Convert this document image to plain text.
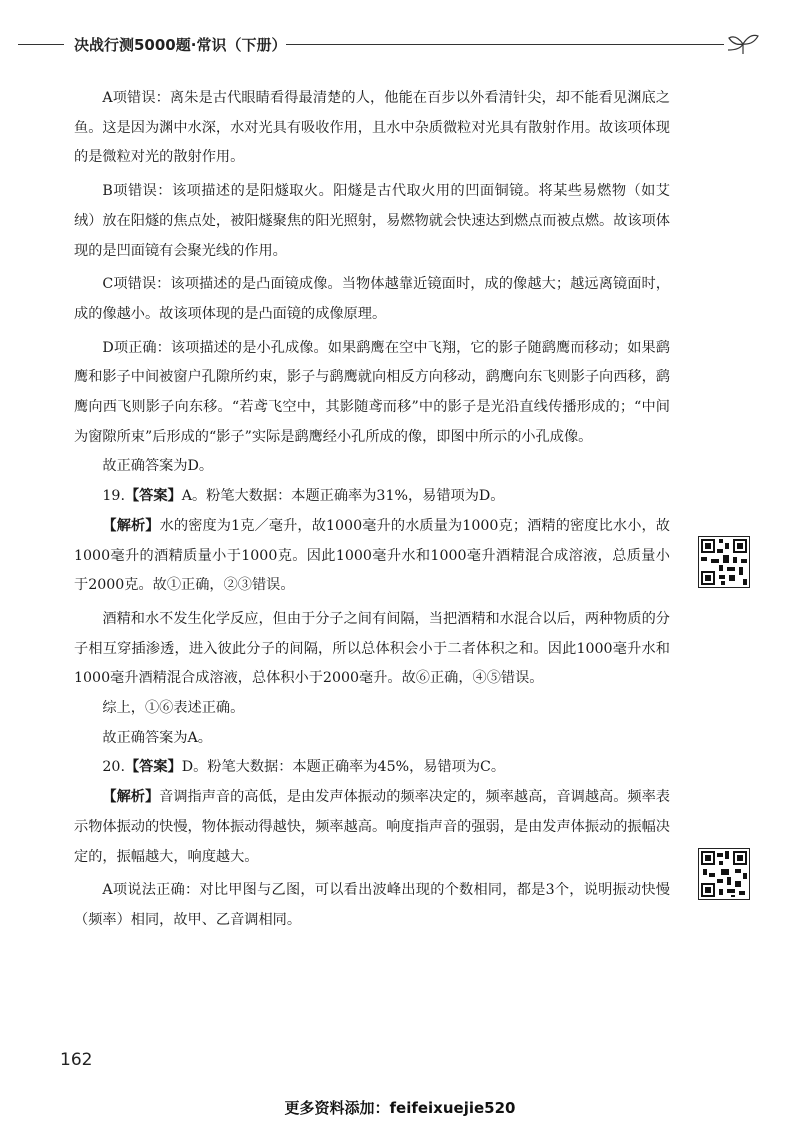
决战行测5000题·常识（下册）

A项错误：离朱是古代眼睛看得最清楚的人，他能在百步以外看清针尖，却不能看见渊底之鱼。这是因为渊中水深，水对光具有吸收作用，且水中杂质微粒对光具有散射作用。故该项体现的是微粒对光的散射作用。

B项错误：该项描述的是阳燧取火。阳燧是古代取火用的凹面铜镜。将某些易燃物（如艾绒）放在阳燧的焦点处，被阳燧聚焦的阳光照射，易燃物就会快速达到燃点而被点燃。故该项体现的是凹面镜有会聚光线的作用。

C项错误：该项描述的是凸面镜成像。当物体越靠近镜面时，成的像越大；越远离镜面时，成的像越小。故该项体现的是凸面镜的成像原理。

D项正确：该项描述的是小孔成像。如果鹞鹰在空中飞翔，它的影子随鹞鹰而移动；如果鹞鹰和影子中间被窗户孔隙所约束，影子与鹞鹰就向相反方向移动，鹞鹰向东飞则影子向西移，鹞鹰向西飞则影子向东移。“若鸢飞空中，其影随鸢而移”中的影子是光沿直线传播形成的；“中间为窗隙所束”后形成的“影子”实际是鹞鹰经小孔所成的像，即图中所示的小孔成像。

故正确答案为D。

19.【答案】A。粉笔大数据：本题正确率为31%，易错项为D。

【解析】水的密度为1克／毫升，故1000毫升的水质量为1000克；酒精的密度比水小，故1000毫升的酒精质量小于1000克。因此1000毫升水和1000毫升酒精混合成溶液，总质量小于2000克。故①正确，②③错误。

酒精和水不发生化学反应，但由于分子之间有间隔，当把酒精和水混合以后，两种物质的分子相互穿插渗透，进入彼此分子的间隔，所以总体积会小于二者体积之和。因此1000毫升水和1000毫升酒精混合成溶液，总体积小于2000毫升。故⑥正确，④⑤错误。

综上，①⑥表述正确。

故正确答案为A。

20.【答案】D。粉笔大数据：本题正确率为45%，易错项为C。

【解析】音调指声音的高低，是由发声体振动的频率决定的，频率越高，音调越高。频率表示物体振动的快慢，物体振动得越快，频率越高。响度指声音的强弱，是由发声体振动的振幅决定的，振幅越大，响度越大。

A项说法正确：对比甲图与乙图，可以看出波峰出现的个数相同，都是3个，说明振动快慢（频率）相同，故甲、乙音调相同。

162
更多资料添加：feifeixuejie520
